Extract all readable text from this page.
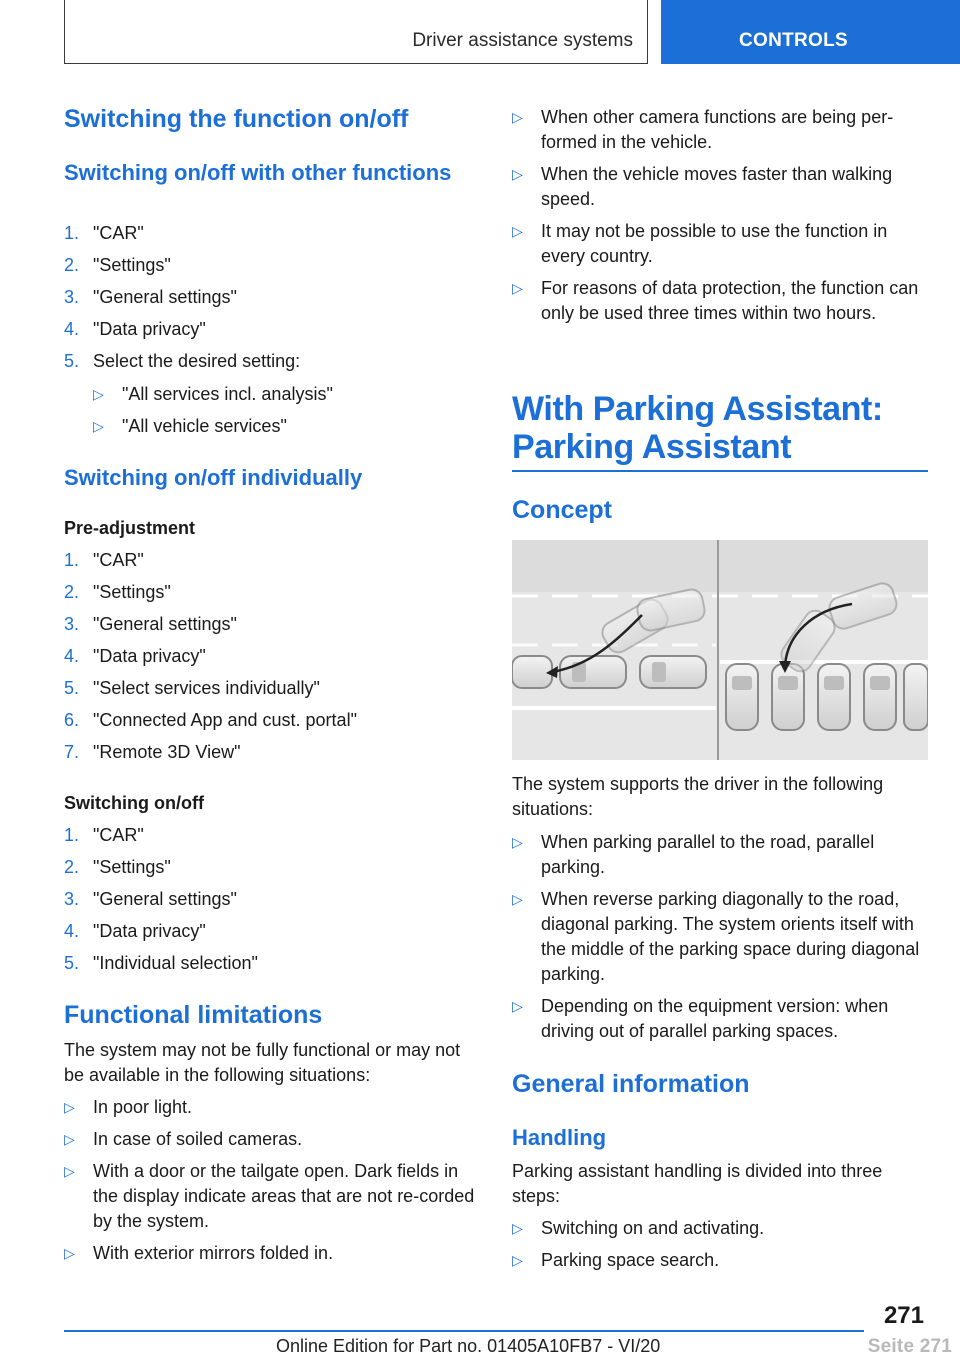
Driver assistance systems	CONTROLS
Switching the function on/off
Switching on/off with other functions
1. "CAR"
2. "Settings"
3. "General settings"
4. "Data privacy"
5. Select the desired setting:
▷ "All services incl. analysis"
▷ "All vehicle services"
Switching on/off individually
Pre-adjustment
1. "CAR"
2. "Settings"
3. "General settings"
4. "Data privacy"
5. "Select services individually"
6. "Connected App and cust. portal"
7. "Remote 3D View"
Switching on/off
1. "CAR"
2. "Settings"
3. "General settings"
4. "Data privacy"
5. "Individual selection"
Functional limitations

The system may not be fully functional or may not be available in the following situations:

▷ In poor light.
▷ In case of soiled cameras.
▷ With a door or the tailgate open. Dark fields in the display indicate areas that are not re-corded by the system.
▷ With exterior mirrors folded in.
▷ When other camera functions are being per-formed in the vehicle.
▷ When the vehicle moves faster than walking speed.
▷ It may not be possible to use the function in every country.
▷ For reasons of data protection, the function can only be used three times within two hours.
With Parking Assistant: Parking Assistant
Concept

The system supports the driver in the following situations:

▷ When parking parallel to the road, parallel parking.
▷ When reverse parking diagonally to the road, diagonal parking. The system orients itself with the middle of the parking space during diagonal parking.
▷ Depending on the equipment version: when driving out of parallel parking spaces.
General information
Handling

Parking assistant handling is divided into three steps:

▷ Switching on and activating.
▷ Parking space search.
271
Online Edition for Part no. 01405A10FB7 - VI/20	Seite 271
